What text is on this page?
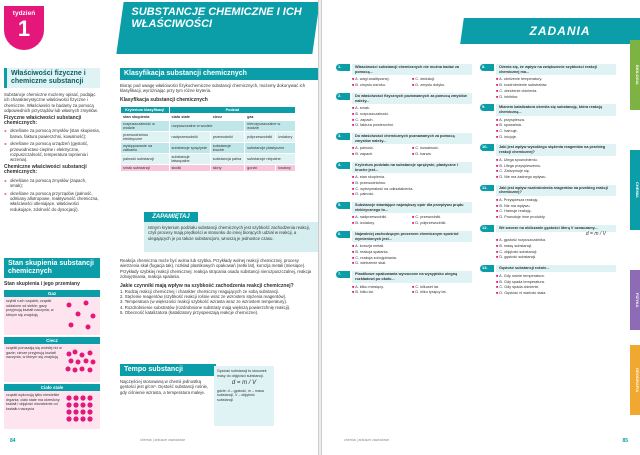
tydzień
1
SUBSTANCJE CHEMICZNE I ICH WŁAŚCIWOŚCI
Właściwości fizyczne i chemiczne substancji

Substancje chemiczne możemy opisać, podając ich charakterystyczne właściwości fizyczne i chemiczne. Właściwości te badamy za pomocą odpowiednich przyrządów lub własnych zmysłów.

Fizyczne właściwości substancji chemicznych:

► określane za pomocą zmysłów (stan skupienia, barwa, faktura powierzchni, kowalność);

► określane za pomocą urządzeń (gęstość, przewodnictwo cieplne i elektryczne, rozpuszczalność, temperatura topnienia i wrzenia).

Chemiczne właściwości substancji chemicznych:

► określane za pomocą zmysłów (zapach, smak);

► określane za pomocą przyrządów (palność, odmiany allotropowe, reaktywność chemiczna, właściwości utleniające, właściwości redukujące, zdolność do dysocjacji).

Klasyfikacja substancji chemicznych

Biorąc pod uwagę właściwości fizykochemiczne substancji chemicznych, możemy dokonywać ich klasyfikacji, wyróżniając przy tym różne kryteria.

Klasyfikacja substancji chemicznych

Kryterium klasyfikacji	Podział			
stan skupienia	ciało stałe	ciecz	gaz	
rozpuszczalność w wodzie	rozpuszczalne w wodzie		nierozpuszczalne w wodzie	
przewodnictwo elektryczne	nadprzewodniki	przewodniki	półprzewodniki	izolatory
występowanie na zatkaniu	substancje sprężyste	substancje kruche	substancje plastyczne	
palność substancji	substancje łatwopalne	substancja palna	substancje niepalne	
smak substancji	słodki	słony	gorzki	kwaśny
ZAPAMIĘTAJ

Istnym kryterium podziału substancji chemicznych jest szybkość zachodzenia reakcji, czyli procesy mają prędkości w stosunku do innej biorących udział w reakcji, a ulegających je po takcie substancjom, wnoszą je jednostce czasu.

Stan skupienia substancji chemicznych

Stan skupienia i jego przemiany

Gaz
szybki ruch cząstek; cząstki oddalone od siebie; gazy przyjmują kształt naczynia, w którym się znajdują
Ciecz
cząstki poruszają się wolniej niż w gazie; ciecze przyjmują kształt naczynia, w którym się znajdują
Ciało stałe
cząstki wykonują tylko niewielkie drgania; ciało stałe ma określony kształt i objętość niezależnie od kształtu naczynia

Reakcja chemiczna może być wolna lub szybka. Przykłady wolnej reakcji chemicznej: procesy wietrzenia skał (fugacja tak), rozkład plastikowych opakowań (setki lat), korozja metali (miesiące). Przykłady szybkiej reakcji chemicznej: reakcja strącania osadu substancji nierozpuszczalnej, reakcja zobojętniania, reakcja spalania.

Jakie czynniki mają wpływ na szybkość zachodzenia reakcji chemicznej?

1. Rodzaj reakcji chemicznej i charakter chemiczny reagujących ze sobą substancji.

2. Stężenie reagentów (szybkość reakcji rośnie wraz ze wzrostem stężenia reagentów).

3. Temperatura (w większości reakcji szybkość wzrasta wraz ze wzrostem temperatury).

4. Rozdrobnienie substratów (rozdrobnione substraty mają większą powierzchnię reakcji).

5. Obecność katalizatora (katalizatory przyspieszają reakcje chemiczne).

Tempo substancji

Najczęściej stosowaną w chemii jednostką gęstości jest g/cm³. Gęstość substancji rośnie, gdy ciśnienie wzrasta, a temperatura maleje.

Gęstość substancji to stosunek masy do objętości substancji.

d = m / V

gdzie: d – gęstość, m – masa substancji, V – objętość substancji

84	chemia | arkusze zawodowe
ZADANIA
1.	Właściwości substancji chemicznych nie można badać za pomocą...
■ A. wagi analitycznej.	■ C. dedukcji.
■ B. zmysłu wzroku.	■ D. zmysłu dotyku.
2.	Do właściwości fizycznych poznawanych za pomocą zmysłów należy...
■ A. smak.
■ B. rozpuszczalność.
■ C. zapach.
■ D. faktura powierzchni.
3.	Do właściwości chemicznych poznawanych za pomocą zmysłów należy...
■ A. palność.	■ C. kowalność.
■ B. zapach.	■ D. barwa.
4.	Kryterium podziału na substancje sprężyste, plastyczne i kruche jest...
■ A. stan skupienia.
■ B. przewodnictwo.
■ C. wytrzymałość na odkształcenia.
■ D. palność.
5.	Substancje stawiające największy opór dla przepływu prądu elektrycznego to...
■ A. nadprzewodniki.	■ C. przewodniki.
■ B. izolatory.	■ D. półprzewodniki.
6.	Najwolniej zachodzącym procesem chemicznym spośród wymienionych jest...
■ A. korozja metali.
■ B. reakcja spalania.
■ C. reakcja zobojętniania.
■ D. wietrzenie skał.
7.	Plastikowe opakowania wyrzucone na wysypisko ulegną rozkładowi po około...
■ A. kilku miesięcy.	■ C. kilkuset lat.
■ B. kilku lat.	■ D. kilku tysięcy lat.
8.	Ożenia się, że wpływ na zwiększenie szybkości reakcji chemicznej ma...
■ A. obniżenie temperatury.
■ B. rozdrobnienie substratów.
■ C. obniżenie ciśnienia.
■ D. inhibitor.
9.	Mianem katalizatora określa się substancję, która reakcję chemiczną...
■ A. przyspiesza.
■ B. spowalnia.
■ C. hamuje.
■ D. inicjuje.
10.	Jaki jest wpływ wysokiego stężenia reagentów na przebieg reakcji chemicznej?
■ A. Ulega spowolnieniu.
■ B. Ulega przyspieszeniu.
■ C. Zatrzymuje się.
■ D. Nie ma żadnego wpływu.
11.	Jaki jest wpływ rozdrobnienia reagentów na przebieg reakcji chemicznej?
■ A. Przyspiesza reakcję.
■ B. Nie ma wpływu.
■ C. Hamuje reakcję.
■ D. Powoduje inne produkty.
12.	We wzorze na obliczanie gęstości literą V oznaczamy...
d = m / V
■ A. gęstość rozpuszczalnika.
■ B. masę substancji.
■ C. objętość substancji.
■ D. gęstość substancji.
13.	Gęstość substancji rośnie...
■ A. Gdy rośnie temperatura.
■ B. Gdy spada temperatura.
■ C. Gdy spada ciśnienie.
■ D. Gęstość ni wartość stała.
BIOLOGIA
CHEMIA
FIZYKA
GEOGRAFIA
chemia | arkusze zawodowe	85
